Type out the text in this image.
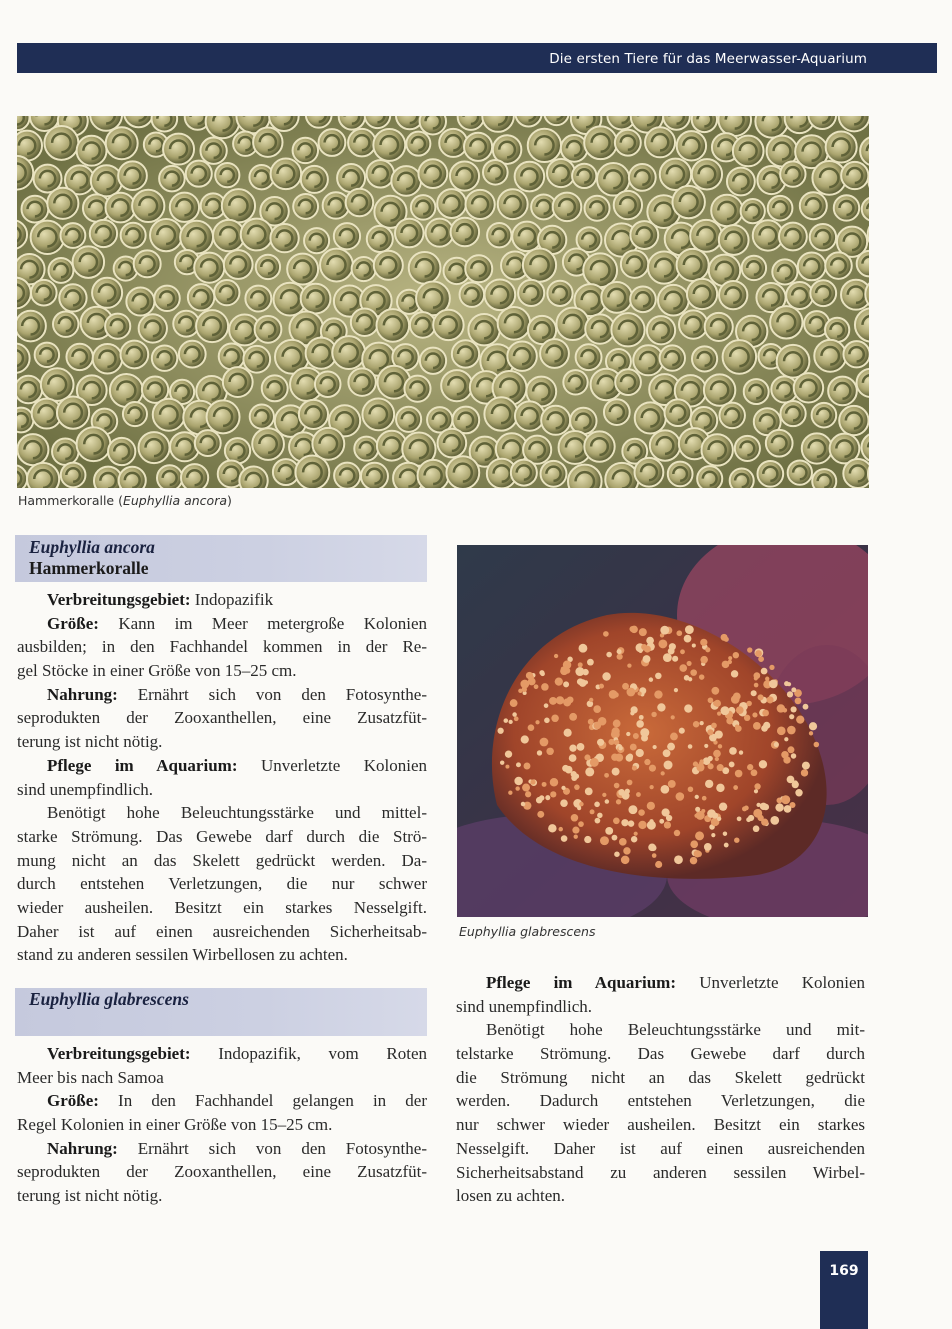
Die ersten Tiere für das Meerwasser-Aquarium
Hammerkoralle (Euphyllia ancora)
Euphyllia glabrescens
Euphyllia ancora
Hammerkoralle
Verbreitungsgebiet: Indopazifik
Größe: Kann im Meer metergroße Kolonien
ausbilden; in den Fachhandel kommen in der Re-
gel Stöcke in einer Größe von 15–25 cm.
Nahrung: Ernährt sich von den Fotosynthe-
seprodukten der Zooxanthellen, eine Zusatzfüt-
terung ist nicht nötig.
Pflege im Aquarium: Unverletzte Kolonien
sind unempfindlich.
Benötigt hohe Beleuchtungsstärke und mittel-
starke Strömung. Das Gewebe darf durch die Strö-
mung nicht an das Skelett gedrückt werden. Da-
durch entstehen Verletzungen, die nur schwer
wieder ausheilen. Besitzt ein starkes Nesselgift.
Daher ist auf einen ausreichenden Sicherheitsab-
stand zu anderen sessilen Wirbellosen zu achten.
Euphyllia glabrescens
Verbreitungsgebiet: Indopazifik, vom Roten
Meer bis nach Samoa
Größe: In den Fachhandel gelangen in der
Regel Kolonien in einer Größe von 15–25 cm.
Nahrung: Ernährt sich von den Fotosynthe-
seprodukten der Zooxanthellen, eine Zusatzfüt-
terung ist nicht nötig.
Pflege im Aquarium: Unverletzte Kolonien
sind unempfindlich.
Benötigt hohe Beleuchtungsstärke und mit-
telstarke Strömung. Das Gewebe darf durch
die Strömung nicht an das Skelett gedrückt
werden. Dadurch entstehen Verletzungen, die
nur schwer wieder ausheilen. Besitzt ein starkes
Nesselgift. Daher ist auf einen ausreichenden
Sicherheitsabstand zu anderen sessilen Wirbel-
losen zu achten.
169
